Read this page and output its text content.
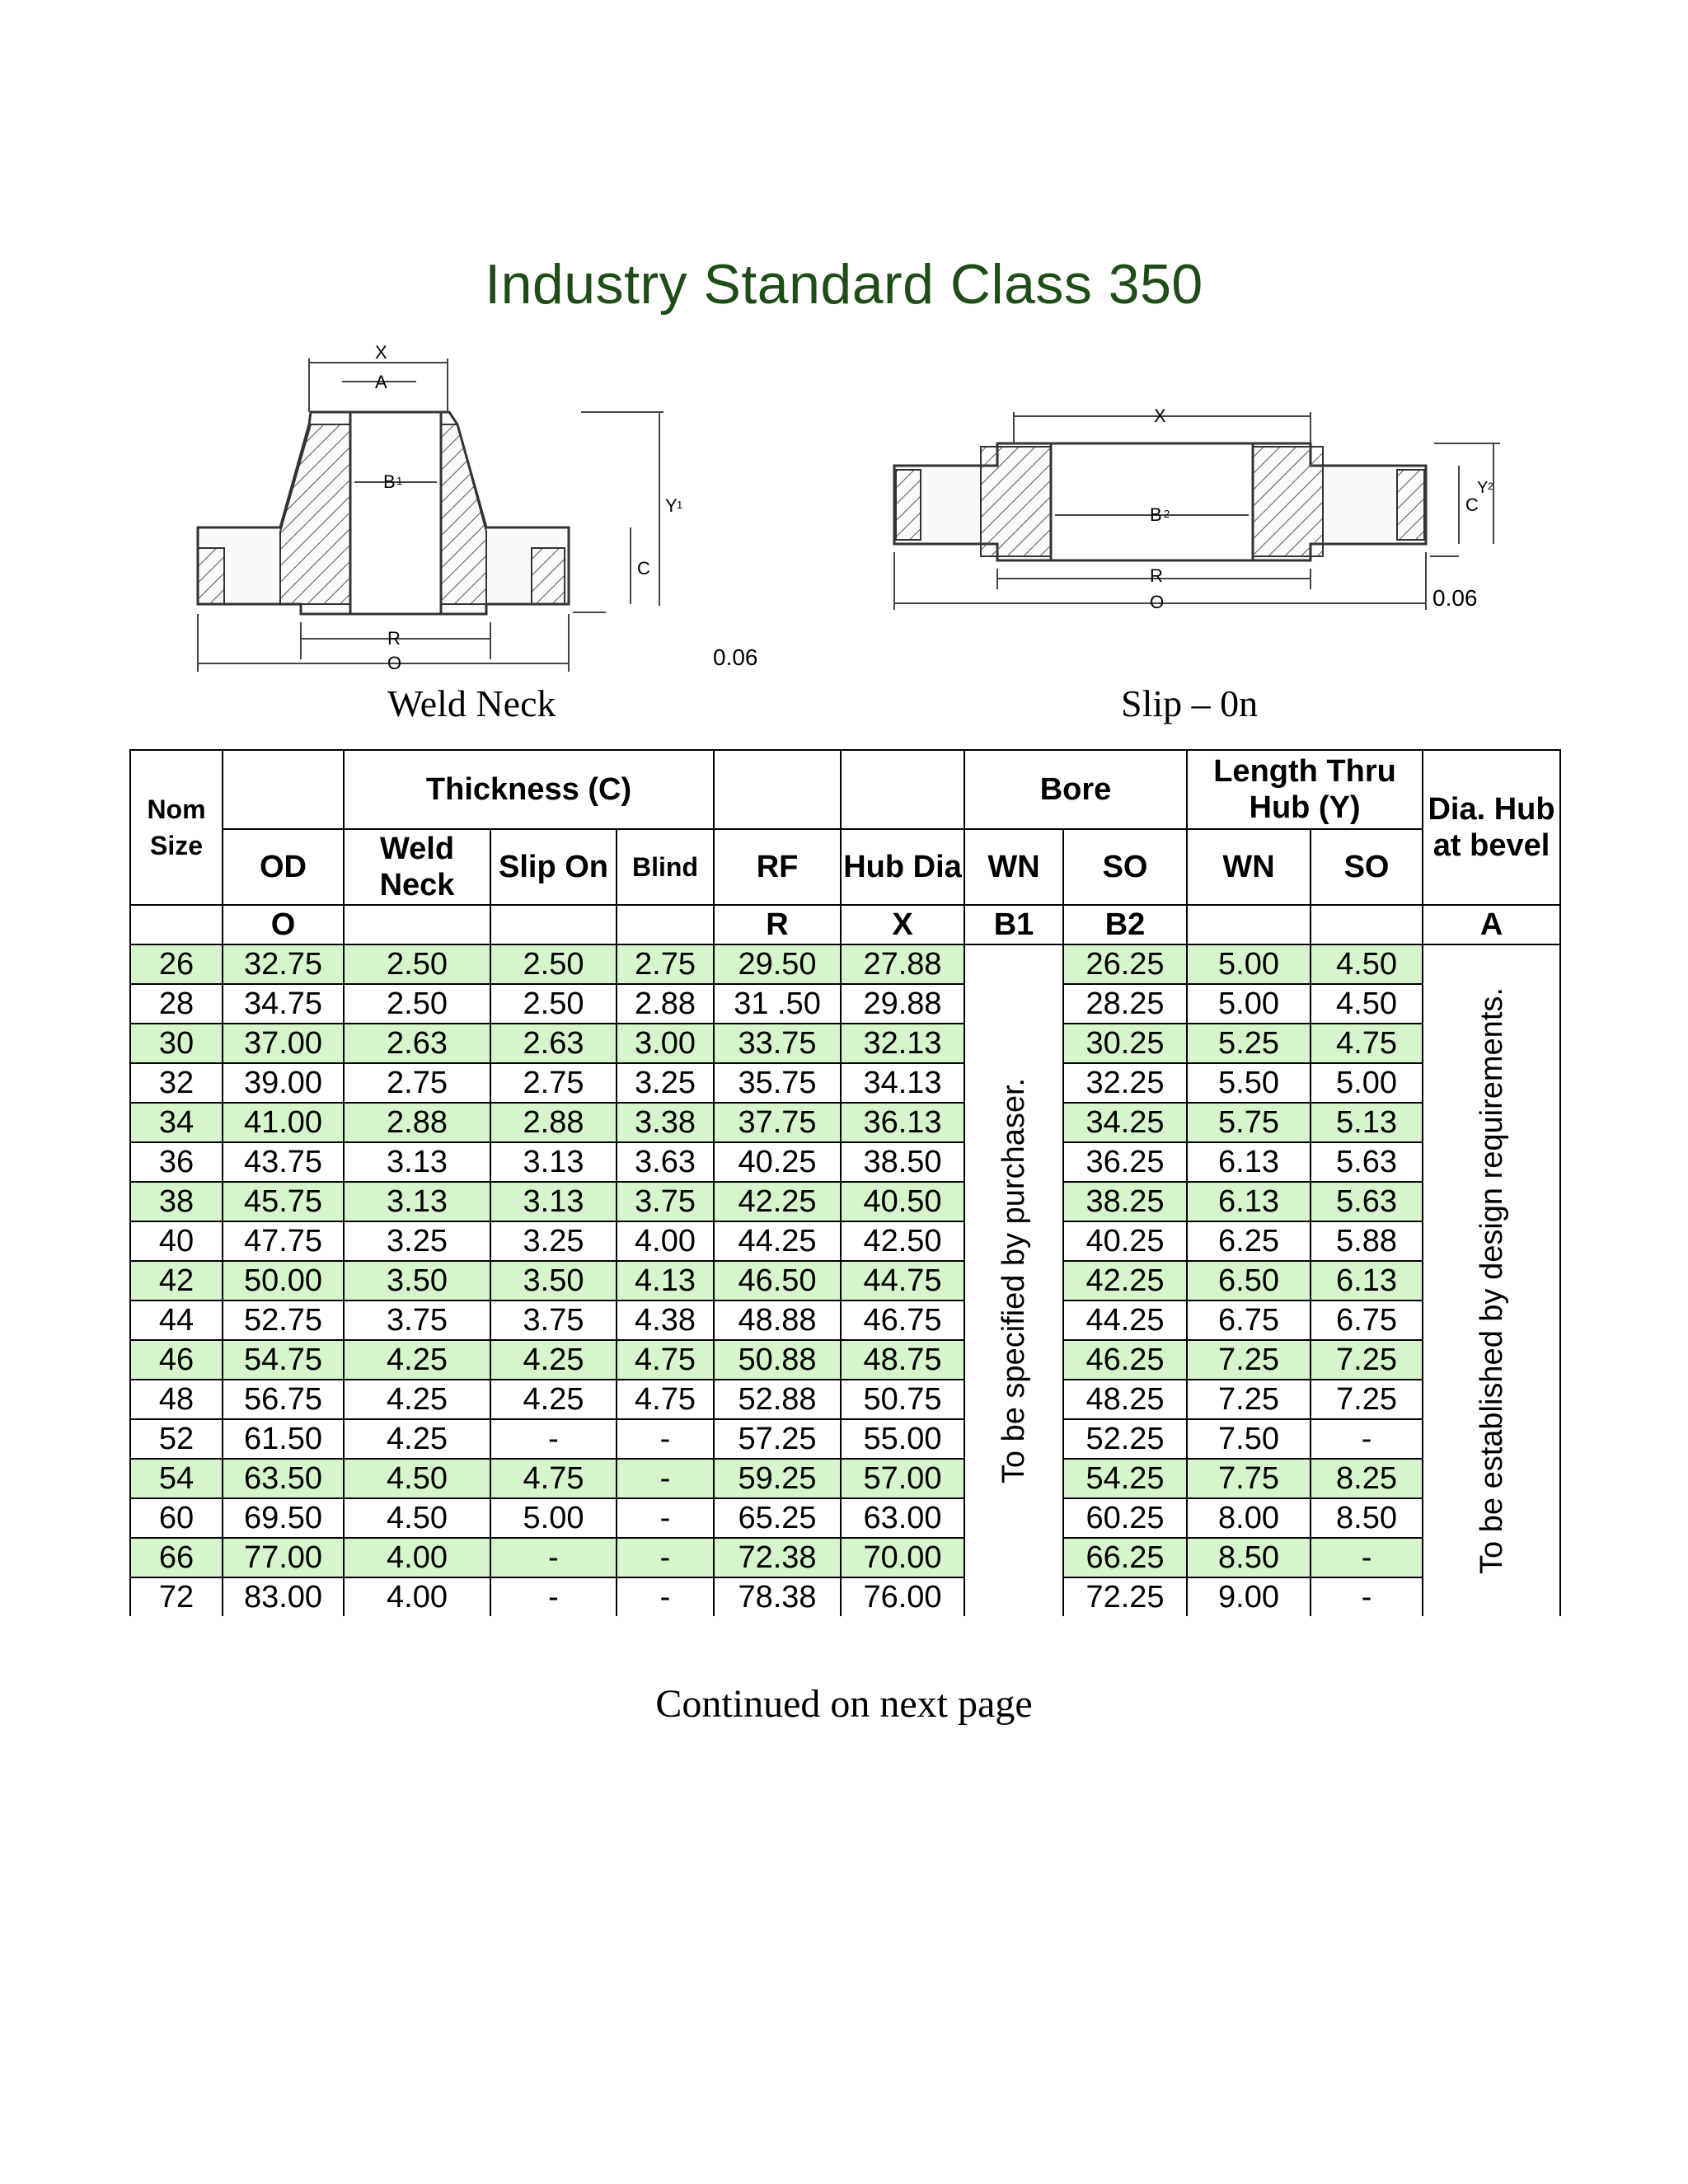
Industry Standard Class 350
X
A
B 1
Y 1
C
R
O	0.06
Weld Neck
X
B 2
R
O
C
Y 2
0.06
Slip – 0n
Nom Size		Thickness (C)					Bore		Length Thru Hub (Y)		Dia. Hub at bevel
	OD	Weld Neck	Slip On	Blind	RF	Hub Dia	WN	SO	WN	SO	
	O				R	X	B1	B2			A
26	32.75	2.50	2.50	2.75	29.50	27.88	To be specified by purchaser.	26.25	5.00	4.50	To be established by design requirements.

28	34.75	2.50	2.50	2.88	31 .50	29.88		28.25	5.00	4.50	
30	37.00	2.63	2.63	3.00	33.75	32.13		30.25	5.25	4.75	
32	39.00	2.75	2.75	3.25	35.75	34.13		32.25	5.50	5.00	
34	41.00	2.88	2.88	3.38	37.75	36.13		34.25	5.75	5.13	
36	43.75	3.13	3.13	3.63	40.25	38.50		36.25	6.13	5.63	
38	45.75	3.13	3.13	3.75	42.25	40.50		38.25	6.13	5.63	
40	47.75	3.25	3.25	4.00	44.25	42.50		40.25	6.25	5.88	
42	50.00	3.50	3.50	4.13	46.50	44.75		42.25	6.50	6.13	
44	52.75	3.75	3.75	4.38	48.88	46.75		44.25	6.75	6.75	
46	54.75	4.25	4.25	4.75	50.88	48.75		46.25	7.25	7.25	
48	56.75	4.25	4.25	4.75	52.88	50.75		48.25	7.25	7.25	
52	61.50	4.25	-	-	57.25	55.00		52.25	7.50	-	
54	63.50	4.50	4.75	-	59.25	57.00		54.25	7.75	8.25	
60	69.50	4.50	5.00	-	65.25	63.00		60.25	8.00	8.50	
66	77.00	4.00	-	-	72.38	70.00		66.25	8.50	-	
72	83.00	4.00	-	-	78.38	76.00		72.25	9.00	-	
Continued on next page
